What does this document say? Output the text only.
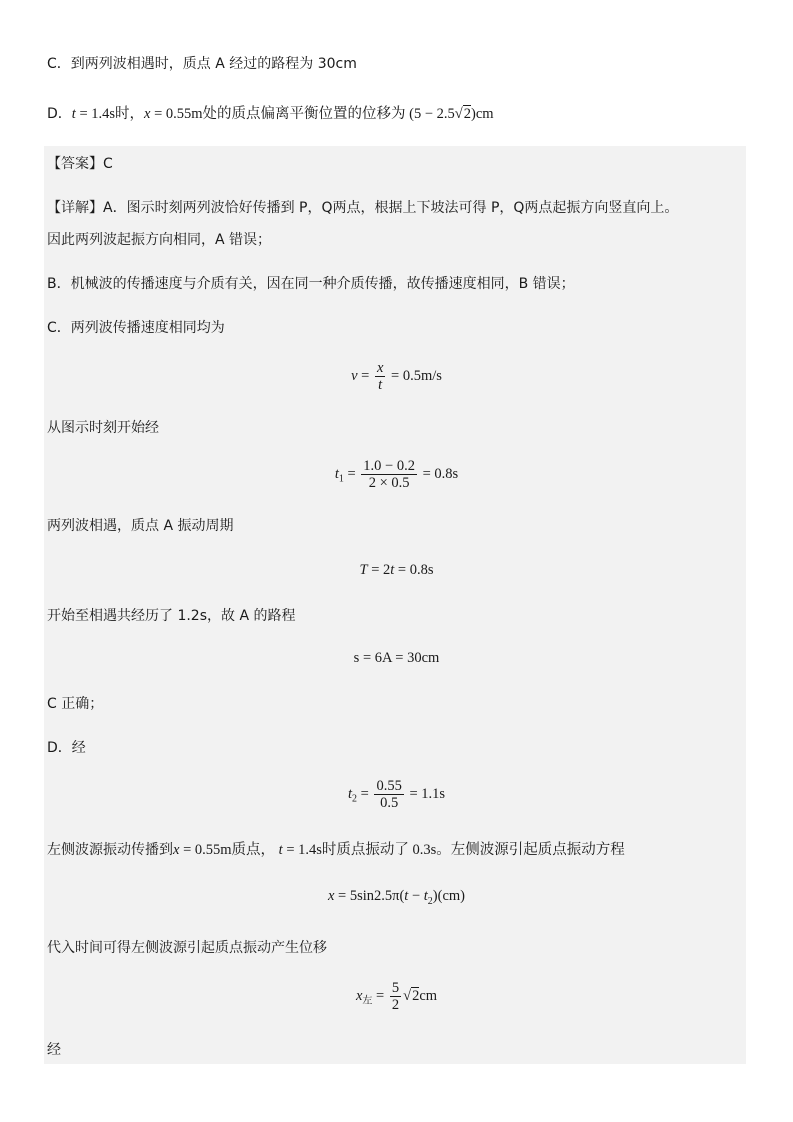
C．到两列波相遇时，质点 A 经过的路程为 30cm
D．t = 1.4s时，x = 0.55m处的质点偏离平衡位置的位移为 (5 − 2.5√2)cm
【答案】C
【详解】A．图示时刻两列波恰好传播到 P，Q两点，根据上下坡法可得 P，Q两点起振方向竖直向上。
因此两列波起振方向相同，A 错误；
B．机械波的传播速度与介质有关，因在同一种介质传播，故传播速度相同，B 错误；
C．两列波传播速度相同均为
$v = \frac{x}{t} = 0.5m/s$
从图示时刻开始经
$t_1 = \frac{1.0 - 0.2}{2 \times 0.5} = 0.8s$
两列波相遇，质点 A 振动周期
T = 2t = 0.8s
开始至相遇共经历了 1.2s，故 A 的路程
s = 6A = 30cm
C 正确；
D．经
$t_2 = \frac{0.55}{0.5} = 1.1s$
左侧波源振动传播到x = 0.55m质点， t = 1.4s时质点振动了 0.3s。左侧波源引起质点振动方程
$x = 5\sin 2.5\pi(t - t_2)(cm)$
代入时间可得左侧波源引起质点振动产生位移
$x_左 = \frac{5}{2} √2cm$
经
